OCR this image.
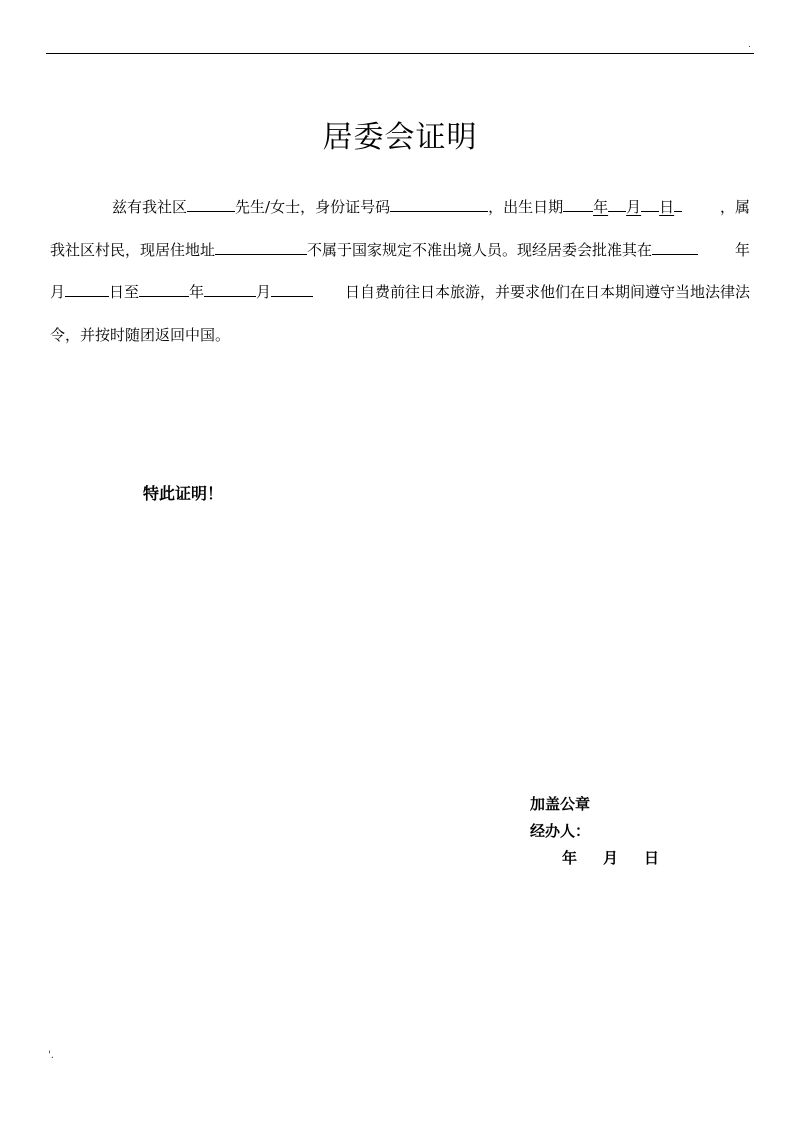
.
居委会证明
兹有我社区	先生/女士，身份证号码	，出生日期 年 月 日	，属
我社区村民，现居住地址	不属于国家规定不准出境人员。现经居委会批准其在	年
月	日至	年	月	日自费前往日本旅游，并要求他们在日本期间遵守当地法律法
令，并按时随团返回中国。
特此证明！
加盖公章
经办人：
年 月 日
'.
